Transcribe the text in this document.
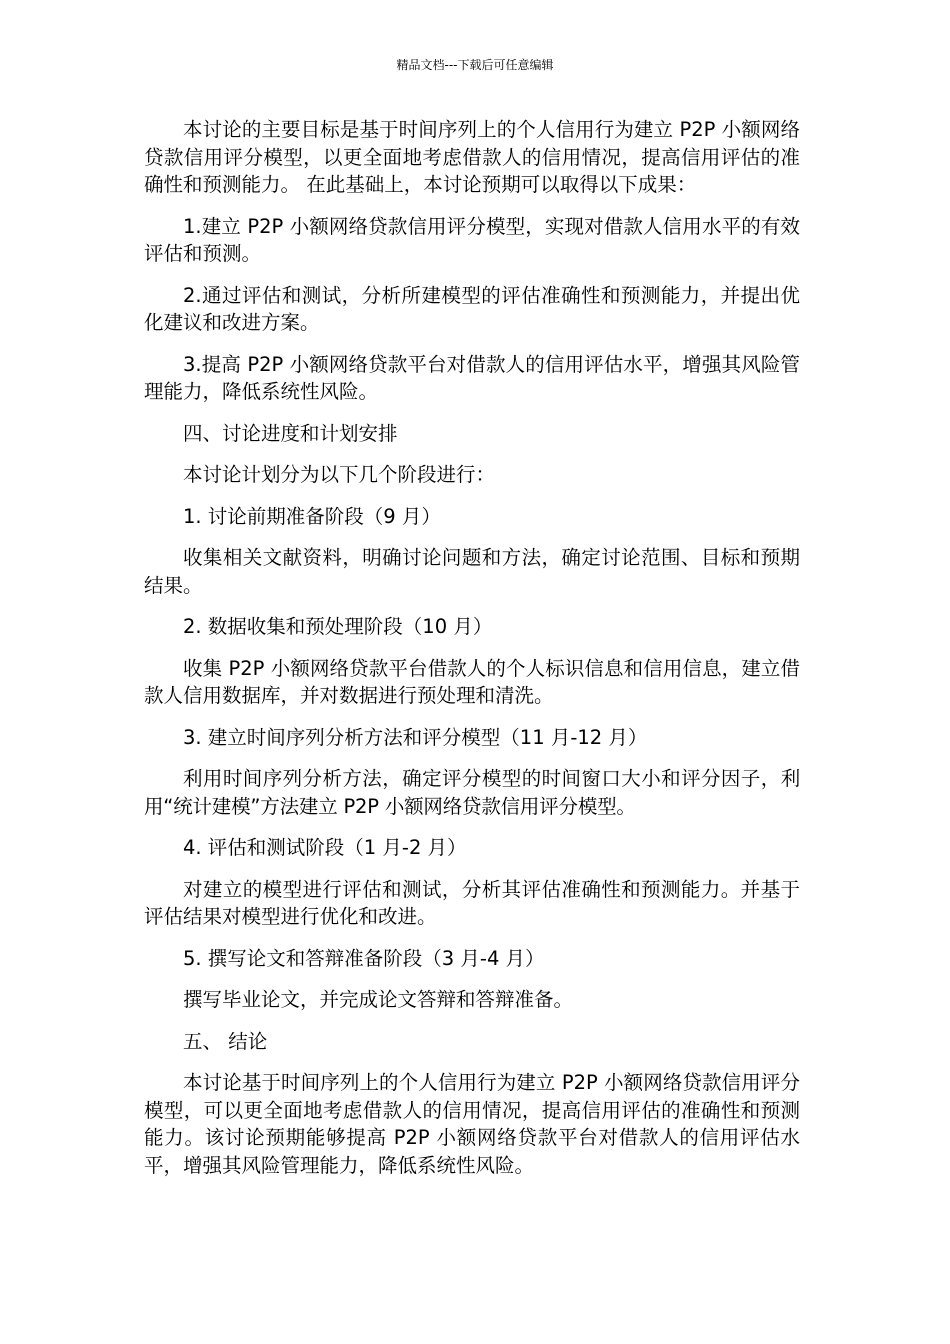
精品文档---下载后可任意编辑

本讨论的主要目标是基于时间序列上的个人信用行为建立 P2P 小额网络贷款信用评分模型，以更全面地考虑借款人的信用情况，提高信用评估的准确性和预测能力。 在此基础上，本讨论预期可以取得以下成果：

1.建立 P2P 小额网络贷款信用评分模型，实现对借款人信用水平的有效评估和预测。

2.通过评估和测试，分析所建模型的评估准确性和预测能力，并提出优化建议和改进方案。

3.提高 P2P 小额网络贷款平台对借款人的信用评估水平，增强其风险管理能力，降低系统性风险。

四、讨论进度和计划安排

本讨论计划分为以下几个阶段进行：

1. 讨论前期准备阶段（9 月）

收集相关文献资料，明确讨论问题和方法，确定讨论范围、目标和预期结果。

2. 数据收集和预处理阶段（10 月）

收集 P2P 小额网络贷款平台借款人的个人标识信息和信用信息，建立借款人信用数据库，并对数据进行预处理和清洗。

3. 建立时间序列分析方法和评分模型（11 月-12 月）

利用时间序列分析方法，确定评分模型的时间窗口大小和评分因子，利用“统计建模”方法建立 P2P 小额网络贷款信用评分模型。

4. 评估和测试阶段（1 月-2 月）

对建立的模型进行评估和测试，分析其评估准确性和预测能力。并基于评估结果对模型进行优化和改进。

5. 撰写论文和答辩准备阶段（3 月-4 月）

撰写毕业论文，并完成论文答辩和答辩准备。

五、 结论

本讨论基于时间序列上的个人信用行为建立 P2P 小额网络贷款信用评分模型，可以更全面地考虑借款人的信用情况，提高信用评估的准确性和预测能力。该讨论预期能够提高 P2P 小额网络贷款平台对借款人的信用评估水平，增强其风险管理能力，降低系统性风险。
